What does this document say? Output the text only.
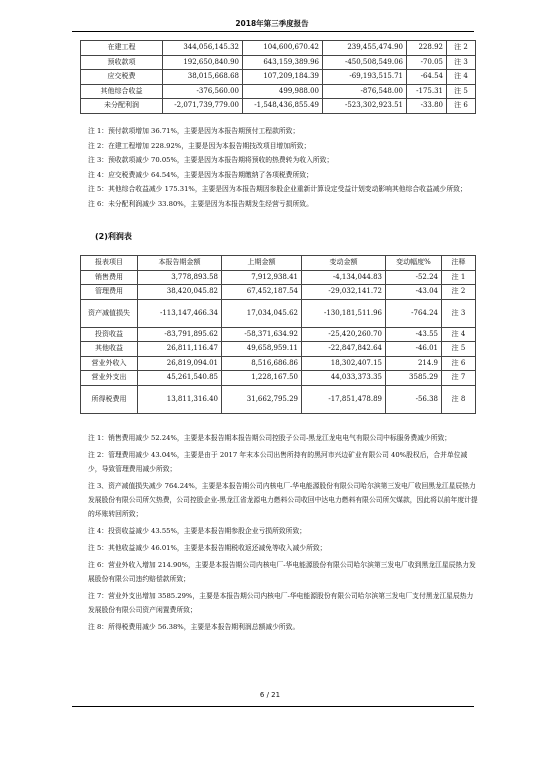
2018年第三季度报告
在建工程	344,056,145.32	104,600,670.42	239,455,474.90	228.92	注 2
预收款项	192,650,840.90	643,159,389.96	-450,508,549.06	-70.05	注 3
应交税费	38,015,668.68	107,209,184.39	-69,193,515.71	-64.54	注 4
其他综合收益	-376,560.00	499,988.00	-876,548.00	-175.31	注 5
未分配利润	-2,071,739,779.00	-1,548,436,855.49	-523,302,923.51	-33.80	注 6

注 1：预付款项增加 36.71%，主要是因为本报告期预付工程款所致；

注 2：在建工程增加 228.92%，主要是因为本报告期技改项目增加所致；

注 3：预收款项减少 70.05%，主要是因为本报告期将预收的热费转为收入所致；

注 4：应交税费减少 64.54%，主要是因为本报告期缴纳了各项税费所致；

注 5：其他综合收益减少 175.31%，主要是因为本报告期因参股企业重新计算设定受益计划变动影响其他综合收益减少所致；

注 6：未分配利润减少 33.80%，主要是因为本报告期发生经营亏损所致。

(2)利润表
报表项目	本报告期金额	上期金额	变动金额	变动幅度%	注释
销售费用	3,778,893.58	7,912,938.41	-4,134,044.83	-52.24	注 1
管理费用	38,420,045.82	67,452,187.54	-29,032,141.72	-43.04	注 2
资产减值损失	-113,147,466.34	17,034,045.62	-130,181,511.96	-764.24	注 3
投资收益	-83,791,895.62	-58,371,634.92	-25,420,260.70	-43.55	注 4
其他收益	26,811,116.47	49,658,959.11	-22,847,842.64	-46.01	注 5
营业外收入	26,819,094.01	8,516,686.86	18,302,407.15	214.9	注 6
营业外支出	45,261,540.85	1,228,167.50	44,033,373.35	3585.29	注 7
所得税费用	13,811,316.40	31,662,795.29	-17,851,478.89	-56.38	注 8

注 1：销售费用减少 52.24%，主要是本报告期本报告期公司控股子公司-黑龙江龙电电气有限公司中标服务费减少所致；

注 2：管理费用减少 43.04%，主要是由于 2017 年末本公司出售所持有的黑河市兴边矿业有限公司 40%股权后，合并单位减少，导致管理费用减少所致；

注 3、资产减值损失减少 764.24%，主要是本报告期公司内核电厂-华电能源股份有限公司哈尔滨第三发电厂收回黑龙江星辰热力发展股份有限公司所欠热费，公司控股企业-黑龙江省龙源电力燃料公司收回中达电力燃料有限公司所欠煤款，因此将以前年度计提的坏账转回所致；

注 4：投资收益减少 43.55%，主要是本报告期参股企业亏损所致所致；

注 5：其他收益减少 46.01%，主要是本报告期税收返还减免等收入减少所致；

注 6：营业外收入增加 214.90%，主要是本报告期公司内核电厂-华电能源股份有限公司哈尔滨第三发电厂收到黑龙江星辰热力发展股份有限公司违约赔偿款所致；

注 7：营业外支出增加 3585.29%，主要是本报告期公司内核电厂-华电能源股份有限公司哈尔滨第三发电厂支付黑龙江星辰热力发展股份有限公司资产闲置费所致；

注 8：所得税费用减少 56.38%，主要是本报告期利润总额减少所致。

6 / 21
